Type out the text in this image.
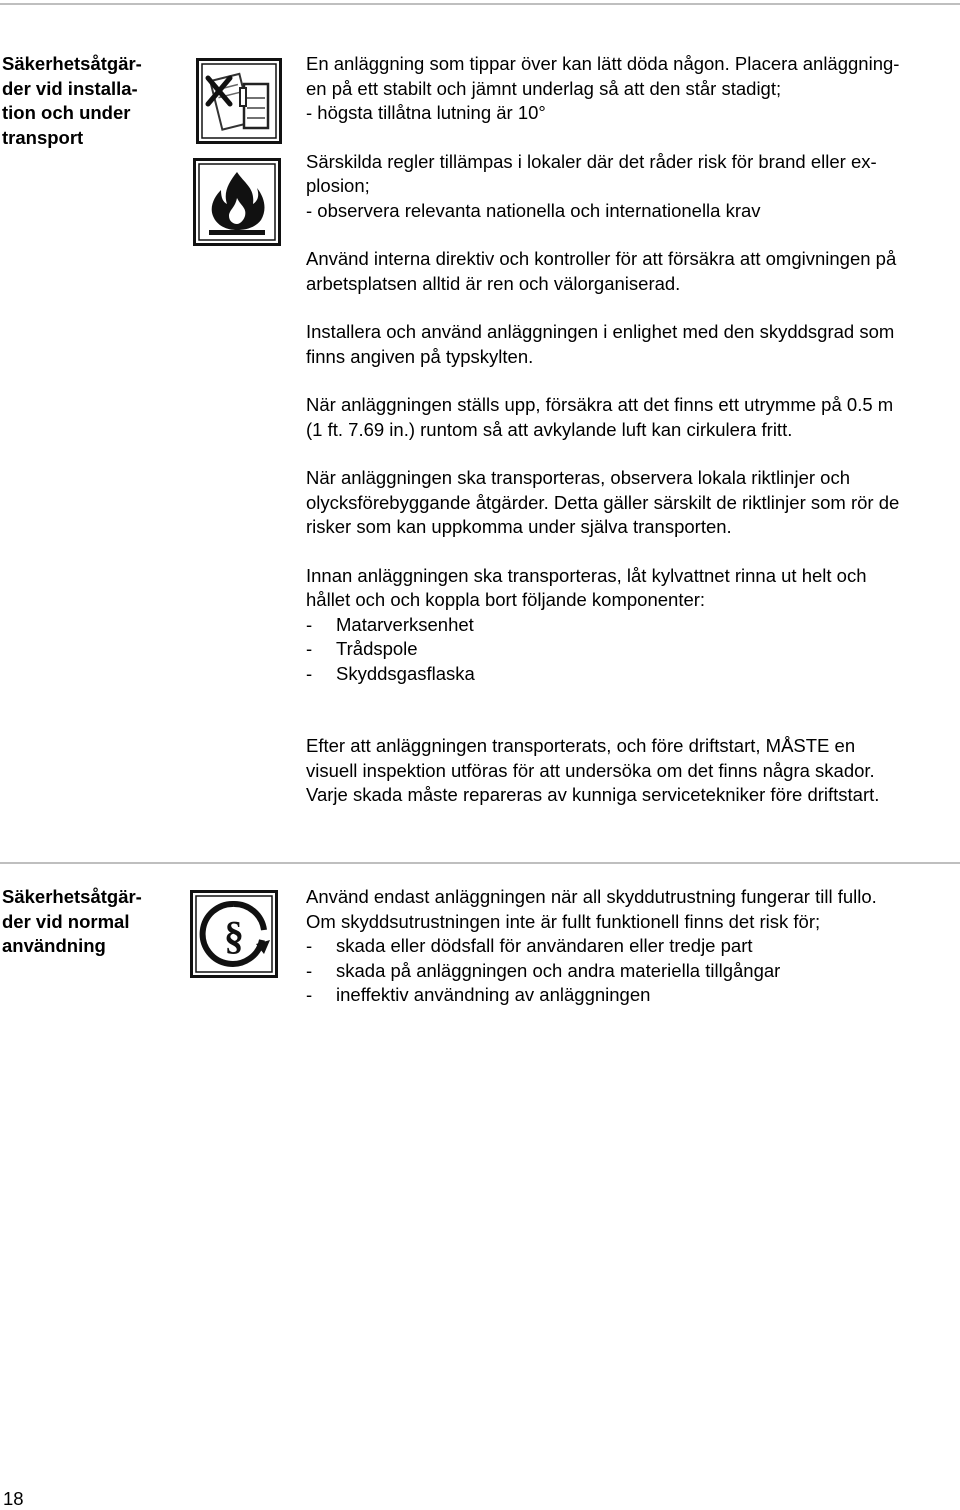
Säkerhetsåtgär-
der vid installa-
tion och under
transport

En anläggning som tippar över kan lätt döda någon. Placera anläggning-
en på ett stabilt och jämnt underlag så att den står stadigt;
- högsta tillåtna lutning är 10°

Särskilda regler tillämpas i lokaler där det råder risk för brand eller ex-
plosion;
- observera relevanta nationella och internationella krav

Använd interna direktiv och kontroller för att försäkra att omgivningen på
arbetsplatsen alltid är ren och välorganiserad.

Installera och använd anläggningen i enlighet med den skyddsgrad som
finns angiven på typskylten.

När anläggningen ställs upp, försäkra att det finns ett utrymme på 0.5 m
(1 ft. 7.69 in.) runtom så att avkylande luft kan cirkulera fritt.

När anläggningen ska transporteras, observera lokala riktlinjer och
olycksförebyggande åtgärder. Detta gäller särskilt de riktlinjer som rör de
risker som kan uppkomma under själva transporten.

Innan anläggningen ska transporteras, låt kylvattnet rinna ut helt och
hållet och och koppla bort följande komponenter:
- Matarverksenhet
- Trådspole
- Skyddsgasflaska

Efter att anläggningen transporterats, och före driftstart, MÅSTE en
visuell inspektion utföras för att undersöka om det finns några skador.
Varje skada måste repareras av kunniga servicetekniker före driftstart.

Säkerhetsåtgär-
der vid normal
användning	§

Använd endast anläggningen när all skyddutrustning fungerar till fullo.
Om skyddsutrustningen inte är fullt funktionell finns det risk för;
- skada eller dödsfall för användaren eller tredje part
- skada på anläggningen och andra materiella tillgångar
- ineffektiv användning av anläggningen

18
